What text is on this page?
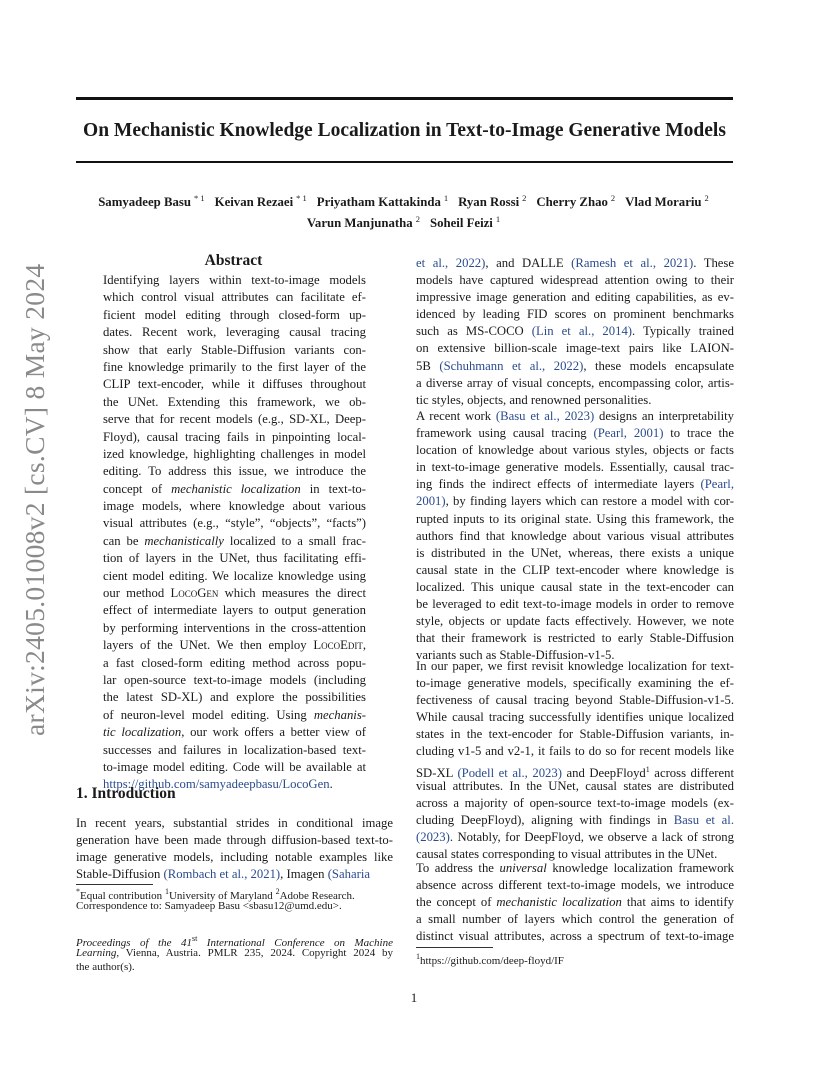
On Mechanistic Knowledge Localization in Text-to-Image Generative Models
Samyadeep Basu $^{* 1}$ Keivan Rezaei $^{* 1}$ Priyatham Kattakinda $^1$ Ryan Rossi $^2$ Cherry Zhao $^2$ Vlad Morariu $^2$
Varun Manjunatha $^2$ Soheil Feizi $^1$
arXiv:2405.01008v2 [cs.CV] 8 May 2024
Abstract
Identifying layers within text-to-image models
which control visual attributes can facilitate ef-
ficient model editing through closed-form up-
dates. Recent work, leveraging causal tracing
show that early Stable-Diffusion variants con-
fine knowledge primarily to the first layer of the
CLIP text-encoder, while it diffuses throughout
the UNet. Extending this framework, we ob-
serve that for recent models (e.g., SD-XL, Deep-
Floyd), causal tracing fails in pinpointing local-
ized knowledge, highlighting challenges in model
editing. To address this issue, we introduce the
concept of mechanistic localization in text-to-
image models, where knowledge about various
visual attributes (e.g., “style”, “objects”, “facts”)
can be mechanistically localized to a small frac-
tion of layers in the UNet, thus facilitating effi-
cient model editing. We localize knowledge using
our method LocoGen which measures the direct
effect of intermediate layers to output generation
by performing interventions in the cross-attention
layers of the UNet. We then employ LocoEdit,
a fast closed-form editing method across popu-
lar open-source text-to-image models (including
the latest SD-XL) and explore the possibilities
of neuron-level model editing. Using mechanis-
tic localization, our work offers a better view of
successes and failures in localization-based text-
to-image model editing. Code will be available at
https://github.com/samyadeepbasu/LocoGen.
1. Introduction
In recent years, substantial strides in conditional image
generation have been made through diffusion-based text-to-
image generative models, including notable examples like
Stable-Diffusion (Rombach et al., 2021), Imagen (Saharia
*Equal contribution $^1$University of Maryland $^2$Adobe Research.
Correspondence to: Samyadeep Basu <sbasu12@umd.edu>.
Proceedings of the 41st International Conference on Machine
Learning, Vienna, Austria. PMLR 235, 2024. Copyright 2024 by
the author(s).
et al., 2022), and DALLE (Ramesh et al., 2021). These
models have captured widespread attention owing to their
impressive image generation and editing capabilities, as ev-
idenced by leading FID scores on prominent benchmarks
such as MS-COCO (Lin et al., 2014). Typically trained
on extensive billion-scale image-text pairs like LAION-
5B (Schuhmann et al., 2022), these models encapsulate
a diverse array of visual concepts, encompassing color, artis-
tic styles, objects, and renowned personalities.
A recent work (Basu et al., 2023) designs an interpretability
framework using causal tracing (Pearl, 2001) to trace the
location of knowledge about various styles, objects or facts
in text-to-image generative models. Essentially, causal trac-
ing finds the indirect effects of intermediate layers (Pearl,
2001), by finding layers which can restore a model with cor-
rupted inputs to its original state. Using this framework, the
authors find that knowledge about various visual attributes
is distributed in the UNet, whereas, there exists a unique
causal state in the CLIP text-encoder where knowledge is
localized. This unique causal state in the text-encoder can
be leveraged to edit text-to-image models in order to remove
style, objects or update facts effectively. However, we note
that their framework is restricted to early Stable-Diffusion
variants such as Stable-Diffusion-v1-5.
In our paper, we first revisit knowledge localization for text-
to-image generative models, specifically examining the ef-
fectiveness of causal tracing beyond Stable-Diffusion-v1-5.
While causal tracing successfully identifies unique localized
states in the text-encoder for Stable-Diffusion variants, in-
cluding v1-5 and v2-1, it fails to do so for recent models like
SD-XL (Podell et al., 2023) and DeepFloyd$^1$ across different
visual attributes. In the UNet, causal states are distributed
across a majority of open-source text-to-image models (ex-
cluding DeepFloyd), aligning with findings in Basu et al.
(2023). Notably, for DeepFloyd, we observe a lack of strong
causal states corresponding to visual attributes in the UNet.
To address the universal knowledge localization framework
absence across different text-to-image models, we introduce
the concept of mechanistic localization that aims to identify
a small number of layers which control the generation of
distinct visual attributes, across a spectrum of text-to-image
$^1$https://github.com/deep-floyd/IF
1
